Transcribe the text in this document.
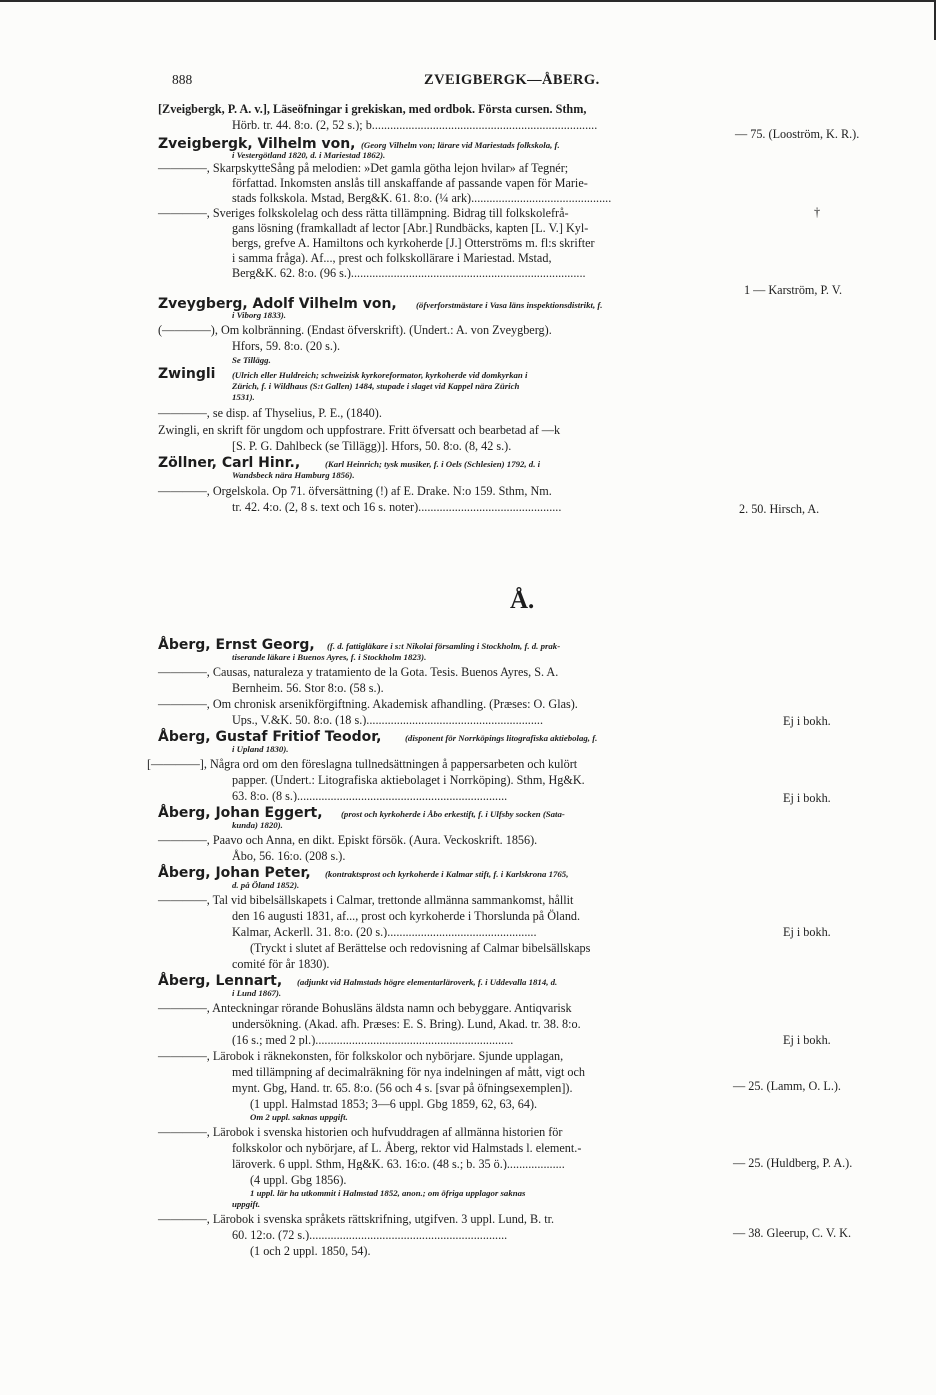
888	ZVEIGBERGK—ÅBERG.
Å.
[Zveigbergk, P. A. v.], Läseöfningar i grekiskan, med ordbok. Första cursen. Sthm,
Hörb. tr. 44. 8:o. (2, 52 s.); b..........................................................................
Zveigbergk, Vilhelm von, (Georg Vilhelm von; lärare vid Mariestads folkskola, f.
i Vestergötland 1820, d. i Mariestad 1862).
————, SkarpskytteSång på melodien: »Det gamla götha lejon hvilar» af Tegnér;
författad. Inkomsten anslås till anskaffande af passande vapen för Marie-
stads folkskola. Mstad, Berg&K. 61. 8:o. (¼ ark)..............................................
————, Sveriges folkskolelag och dess rätta tillämpning. Bidrag till folkskolefrå-
gans lösning (framkalladt af lector [Abr.] Rundbäcks, kapten [L. V.] Kyl-
bergs, grefve A. Hamiltons och kyrkoherde [J.] Otterströms m. fl:s skrifter
i samma fråga). Af..., prest och folkskollärare i Mariestad. Mstad,
Berg&K. 62. 8:o. (96 s.).............................................................................
Zveygberg, Adolf Vilhelm von, (öfverforstmästare i Vasa läns inspektionsdistrikt, f.
i Viborg 1833).
(————), Om kolbränning. (Endast öfverskrift). (Undert.: A. von Zveygberg).
Hfors, 59. 8:o. (20 s.).
Se Tillägg.
Zwingli (Ulrich eller Huldreich; schweizisk kyrkoreformator, kyrkoherde vid domkyrkan i
Zürich, f. i Wildhaus (S:t Gallen) 1484, stupade i slaget vid Kappel nära Zürich
1531).
————, se disp. af Thyselius, P. E., (1840).
Zwingli, en skrift för ungdom och uppfostrare. Fritt öfversatt och bearbetad af —k
[S. P. G. Dahlbeck (se Tillägg)]. Hfors, 50. 8:o. (8, 42 s.).
Zöllner, Carl Hinr.,	(Karl Heinrich; tysk musiker, f. i Oels (Schlesien) 1792, d. i
Wandsbeck nära Hamburg 1856).
————, Orgelskola. Op 71. öfversättning (!) af E. Drake. N:o 159. Sthm, Nm.
tr. 42. 4:o. (2, 8 s. text och 16 s. noter)...............................................
Åberg, Ernst Georg, (f. d. fattigläkare i s:t Nikolai församling i Stockholm, f. d. prak-
tiserande läkare i Buenos Ayres, f. i Stockholm 1823).
————, Causas, naturaleza y tratamiento de la Gota. Tesis. Buenos Ayres, S. A.
Bernheim. 56. Stor 8:o. (58 s.).
————, Om chronisk arsenikförgiftning. Akademisk afhandling. (Præses: O. Glas).
Ups., V.&K. 50. 8:o. (18 s.)..........................................................
Åberg, Gustaf Fritiof Teodor,	(disponent för Norrköpings litografiska aktiebolag, f.
i Upland 1830).
[————], Några ord om den föreslagna tullnedsättningen å pappersarbeten och kulört
papper. (Undert.: Litografiska aktiebolaget i Norrköping). Sthm, Hg&K.
63. 8:o. (8 s.).....................................................................
Åberg, Johan Eggert, (prost och kyrkoherde i Åbo erkestift, f. i Ulfsby socken (Sata-
kunda) 1820).
————, Paavo och Anna, en dikt. Episkt försök. (Aura. Veckoskrift. 1856).
Åbo, 56. 16:o. (208 s.).
Åberg, Johan Peter, (kontraktsprost och kyrkoherde i Kalmar stift, f. i Karlskrona 1765,
d. på Öland 1852).
————, Tal vid bibelsällskapets i Calmar, trettonde allmänna sammankomst, hållit
den 16 augusti 1831, af..., prost och kyrkoherde i Thorslunda på Öland.
Kalmar, Ackerll. 31. 8:o. (20 s.).................................................
(Tryckt i slutet af Berättelse och redovisning af Calmar bibelsällskaps
comité för år 1830).
Åberg, Lennart, (adjunkt vid Halmstads högre elementarläroverk, f. i Uddevalla 1814, d.
i Lund 1867).
————, Anteckningar rörande Bohusläns äldsta namn och bebyggare. Antiqvarisk
undersökning. (Akad. afh. Præses: E. S. Bring). Lund, Akad. tr. 38. 8:o.
(16 s.; med 2 pl.).................................................................
————, Lärobok i räknekonsten, för folkskolor och nybörjare. Sjunde upplagan,
med tillämpning af decimalräkning för nya indelningen af mått, vigt och
mynt. Gbg, Hand. tr. 65. 8:o. (56 och 4 s. [svar på öfningsexemplen]).
(1 uppl. Halmstad 1853; 3—6 uppl. Gbg 1859, 62, 63, 64).
Om 2 uppl. saknas uppgift.
————, Lärobok i svenska historien och hufvuddragen af allmänna historien för
folkskolor och nybörjare, af L. Åberg, rektor vid Halmstads l. element.-
läroverk. 6 uppl. Sthm, Hg&K. 63. 16:o. (48 s.; b. 35 ö.)...................
(4 uppl. Gbg 1856).
1 uppl. lär ha utkommit i Halmstad 1852, anon.; om öfriga upplagor saknas
uppgift.
————, Lärobok i svenska språkets rättskrifning, utgifven. 3 uppl. Lund, B. tr.
60. 12:o. (72 s.).................................................................
(1 och 2 uppl. 1850, 54).
— 75. (Looström, K. R.).
†
1 — Karström, P. V.
2. 50. Hirsch, A.
Ej i bokh.
Ej i bokh.
Ej i bokh.
Ej i bokh.
— 25. (Lamm, O. L.).
— 25. (Huldberg, P. A.).
— 38. Gleerup, C. V. K.
